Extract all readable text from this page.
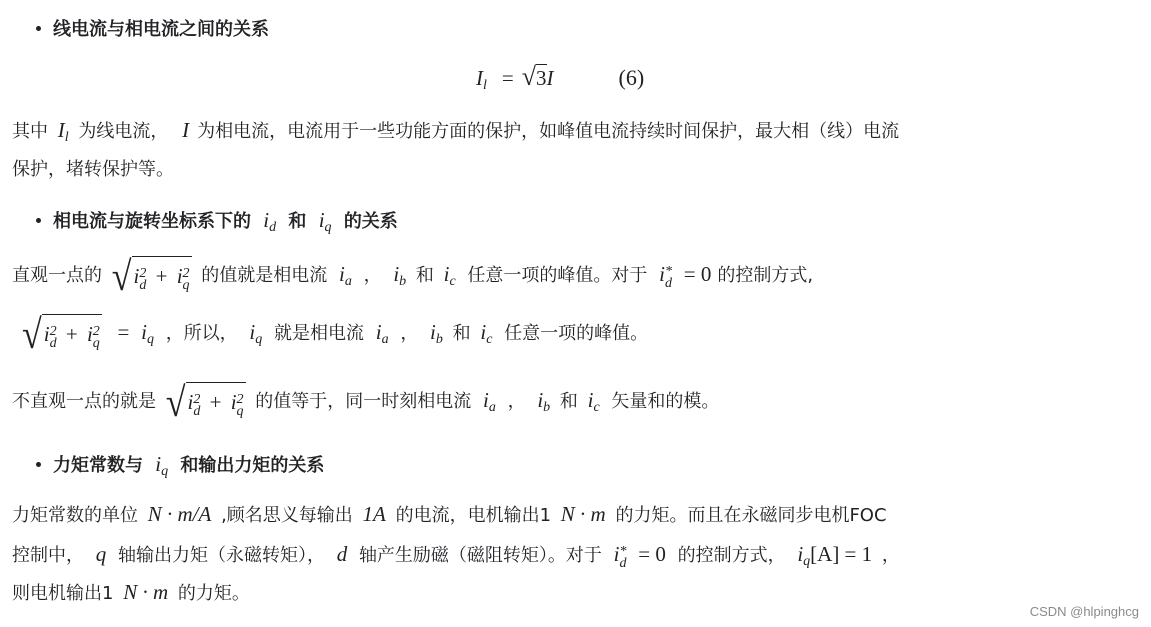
线电流与相电流之间的关系
$I_l = √3I$	(6)
其中 $I_l$ 为线电流， I 为相电流，电流用于一些功能方面的保护，如峰值电流持续时间保护，最大相（线）电流
保护，堵转保护等。
相电流与旋转坐标系下的 $i_d$ 和 $i_q$ 的关系
直观一点的 √ i 2
d + i 2
q 的值就是相电流 $i_a$ ， $i_b$ 和 $i_c$ 任意一项的峰值。对于 i *
d = 0 的控制方式,
√ i 2
d + i 2
$q = i_q$ ，所以， $i_q$ 就是相电流 $i_a$ ， $i_b$ 和 $i_c$ 任意一项的峰值。
不直观一点的就是 √ i 2
d + i 2
q 的值等于，同一时刻相电流 $i_a$ ， $i_b$ 和 $i_c$ 矢量和的模。
力矩常数与 $i_q$ 和输出力矩的关系
力矩常数的单位 N · m/A ,顾名思义每输出 1A 的电流，电机输出1 N · m 的力矩。而且在永磁同步电机FOC
控制中， q 轴输出力矩（永磁转矩）， d 轴产生励磁（磁阻转矩）。对于 i *
d = 0 的控制方式， $i_q[A] = 1$ ，
则电机输出1 N · m 的力矩。
CSDN @hlpinghcg
